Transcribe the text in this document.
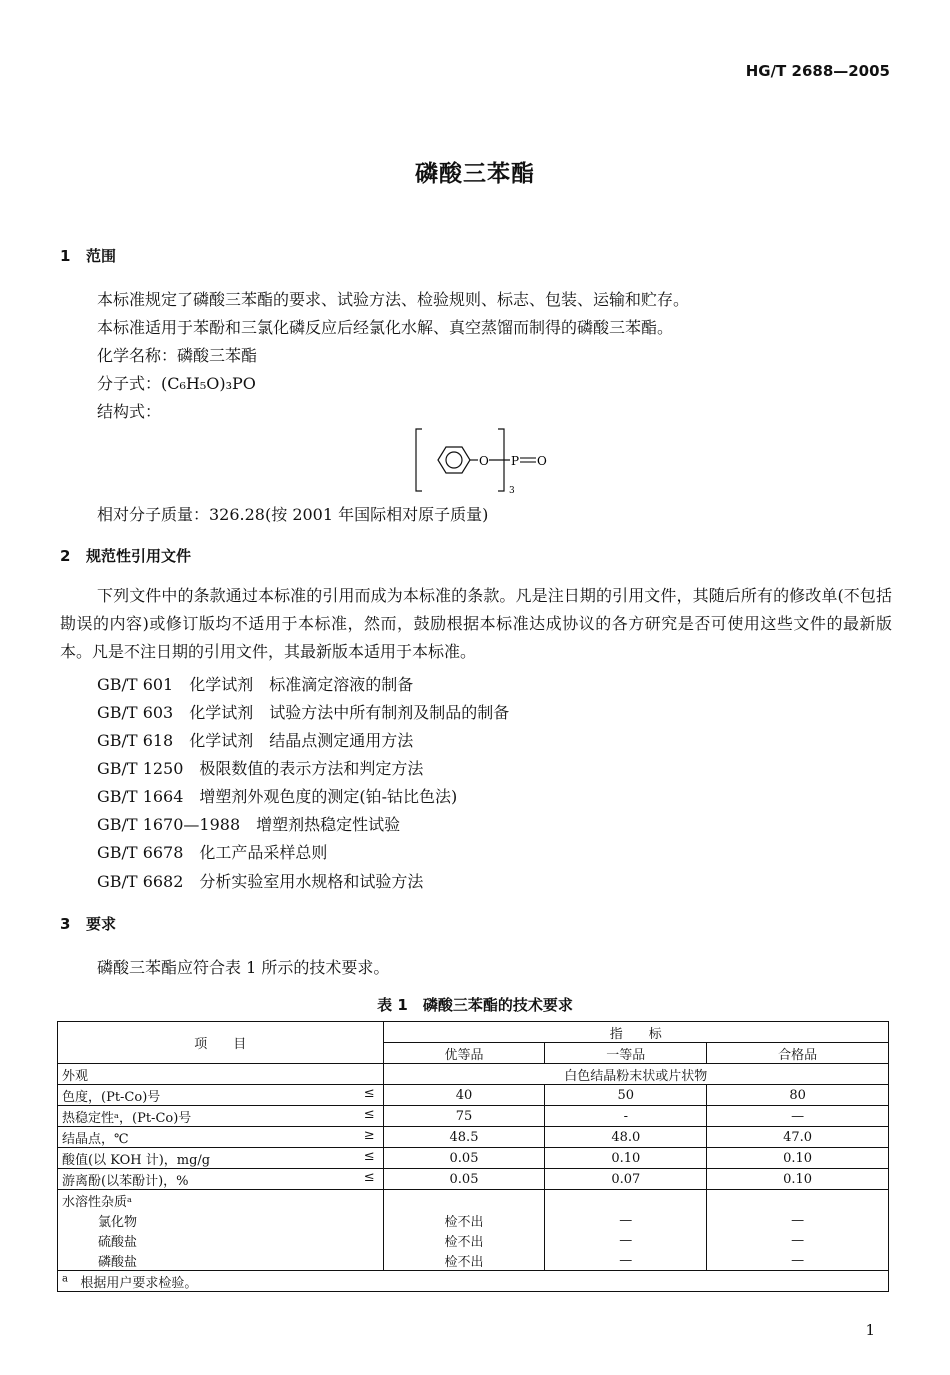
HG/T 2688—2005
磷酸三苯酯
1 范围
本标准规定了磷酸三苯酯的要求、试验方法、检验规则、标志、包装、运输和贮存。
本标准适用于苯酚和三氯化磷反应后经氯化水解、真空蒸馏而制得的磷酸三苯酯。
化学名称：磷酸三苯酯
分子式：(C₆H₅O)₃PO
结构式：
O
3
P O
相对分子质量：326.28(按 2001 年国际相对原子质量)
2 规范性引用文件
下列文件中的条款通过本标准的引用而成为本标准的条款。凡是注日期的引用文件，其随后所有的修改单(不包括勘误的内容)或修订版均不适用于本标准，然而，鼓励根据本标准达成协议的各方研究是否可使用这些文件的最新版本。凡是不注日期的引用文件，其最新版本适用于本标准。
GB/T 601 化学试剂　标准滴定溶液的制备
GB/T 603 化学试剂　试验方法中所有制剂及制品的制备
GB/T 618 化学试剂　结晶点测定通用方法
GB/T 1250 极限数值的表示方法和判定方法
GB/T 1664 增塑剂外观色度的测定(铂-钴比色法)
GB/T 1670—1988 增塑剂热稳定性试验
GB/T 6678 化工产品采样总则
GB/T 6682 分析实验室用水规格和试验方法
3 要求
磷酸三苯酯应符合表 1 所示的技术要求。
表 1　磷酸三苯酯的技术要求
项　　目	指　　标		
	优等品	一等品	合格品
外观	白色结晶粉末状或片状物		
色度，(Pt-Co)号 ≤	40	50	80
热稳定性ᵃ，(Pt-Co)号 ≤	75	-	—
结晶点，℃ ≥	48.5	48.0	47.0
酸值(以 KOH 计)，mg/g ≤	0.05	0.10	0.10
游离酚(以苯酚计)，% ≤	0.05	0.07	0.10
水溶性杂质ᵃ			
氯化物	检不出	—	—
硫酸盐	检不出	—	—
磷酸盐	检不出	—	—
$^a$ 根据用户要求检验。			
1
